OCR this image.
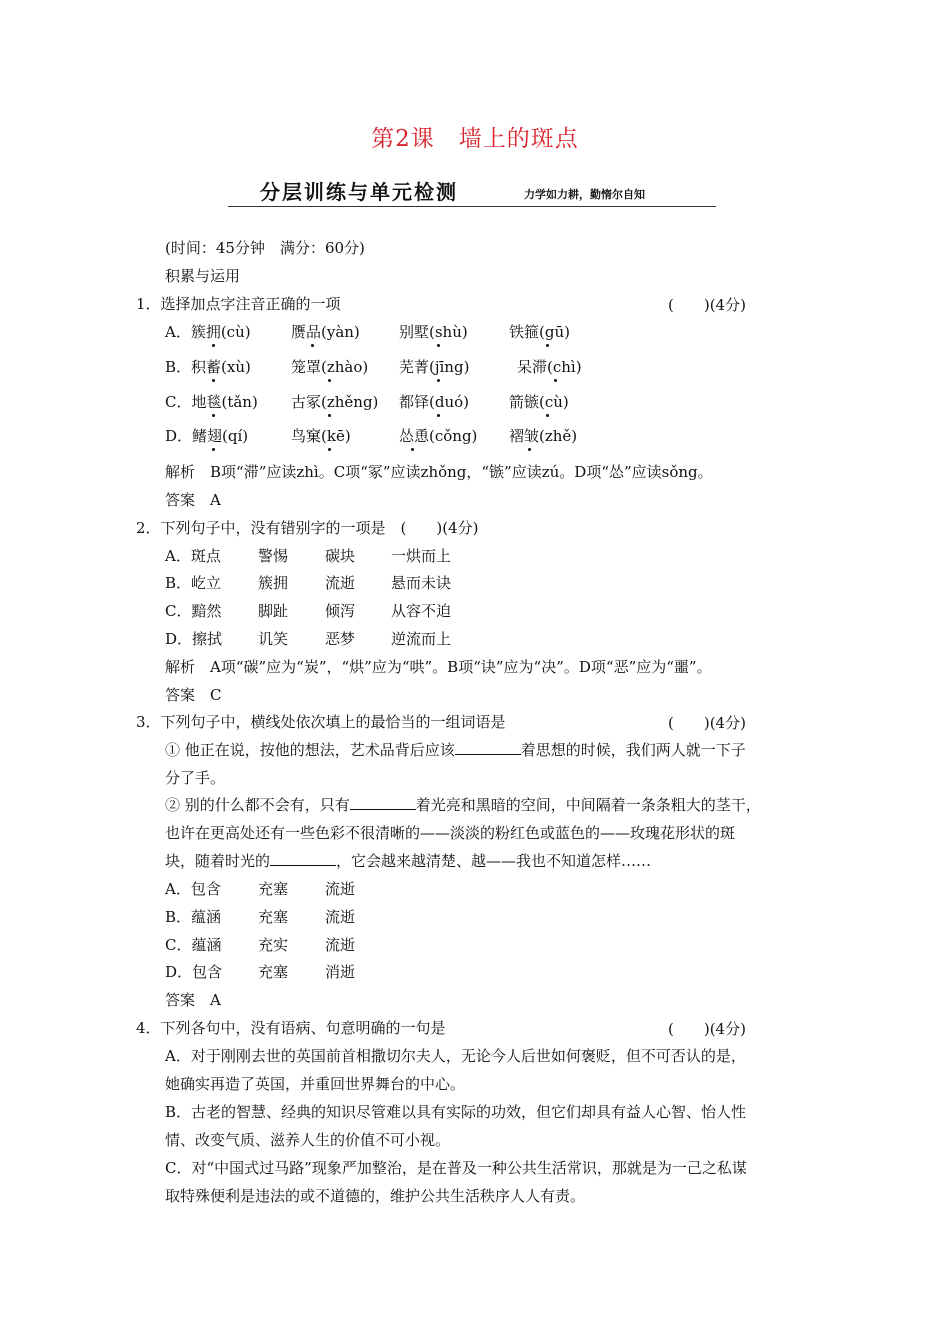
第2课　墙上的斑点
分层训练与单元检测	力学如力耕，勤惰尔自知
(时间：45分钟　满分：60分)
积累与运用
1．选择加点字注音正确的一项	(　　)(4分)
A．簇拥(cù)	赝品(yàn)	别墅(shù)	铁箍(gū)
B．积蓄(xù)	笼罩(zhào) 芜菁(jīng)	呆滞(chì)
C．地毯(tǎn) 古冢(zhěng) 都铎(duó)	箭镞(cù)
D．鳍翅(qí)	鸟窠(kē)	怂恿(cǒng) 褶皱(zhě)
解析　B项“滞”应读zhì。C项“冢”应读zhǒng，“镞”应读zú。D项“怂”应读sǒng。
答案　A
2．下列句子中，没有错别字的一项是　(　　)(4分)
A．斑点 警惕 碳块 一烘而上
B．屹立 簇拥 流逝 悬而未诀
C．黯然 脚趾 倾泻 从容不迫
D．擦拭 讥笑 恶梦 逆流而上
解析　A项“碳”应为“炭”，“烘”应为“哄”。B项“诀”应为“决”。D项“恶”应为“噩”。
答案　C
3．下列句子中，横线处依次填上的最恰当的一组词语是	(　　)(4分)
① 他正在说，按他的想法，艺术品背后应该	着思想的时候，我们两人就一下子
分了手。
② 别的什么都不会有，只有	着光亮和黑暗的空间，中间隔着一条条粗大的茎干，
也许在更高处还有一些色彩不很清晰的——淡淡的粉红色或蓝色的——玫瑰花形状的斑
块，随着时光的	，它会越来越清楚、越——我也不知道怎样……
A．包含 充塞 流逝
B．蕴涵 充塞 流逝
C．蕴涵 充实 流逝
D．包含 充塞 消逝
答案　A
4．下列各句中，没有语病、句意明确的一句是	(　　)(4分)
A．对于刚刚去世的英国前首相撒切尔夫人，无论今人后世如何褒贬，但不可否认的是，
她确实再造了英国，并重回世界舞台的中心。
B．古老的智慧、经典的知识尽管难以具有实际的功效，但它们却具有益人心智、怡人性
情、改变气质、滋养人生的价值不可小视。
C．对“中国式过马路”现象严加整治，是在普及一种公共生活常识，那就是为一己之私谋
取特殊便利是违法的或不道德的，维护公共生活秩序人人有责。
